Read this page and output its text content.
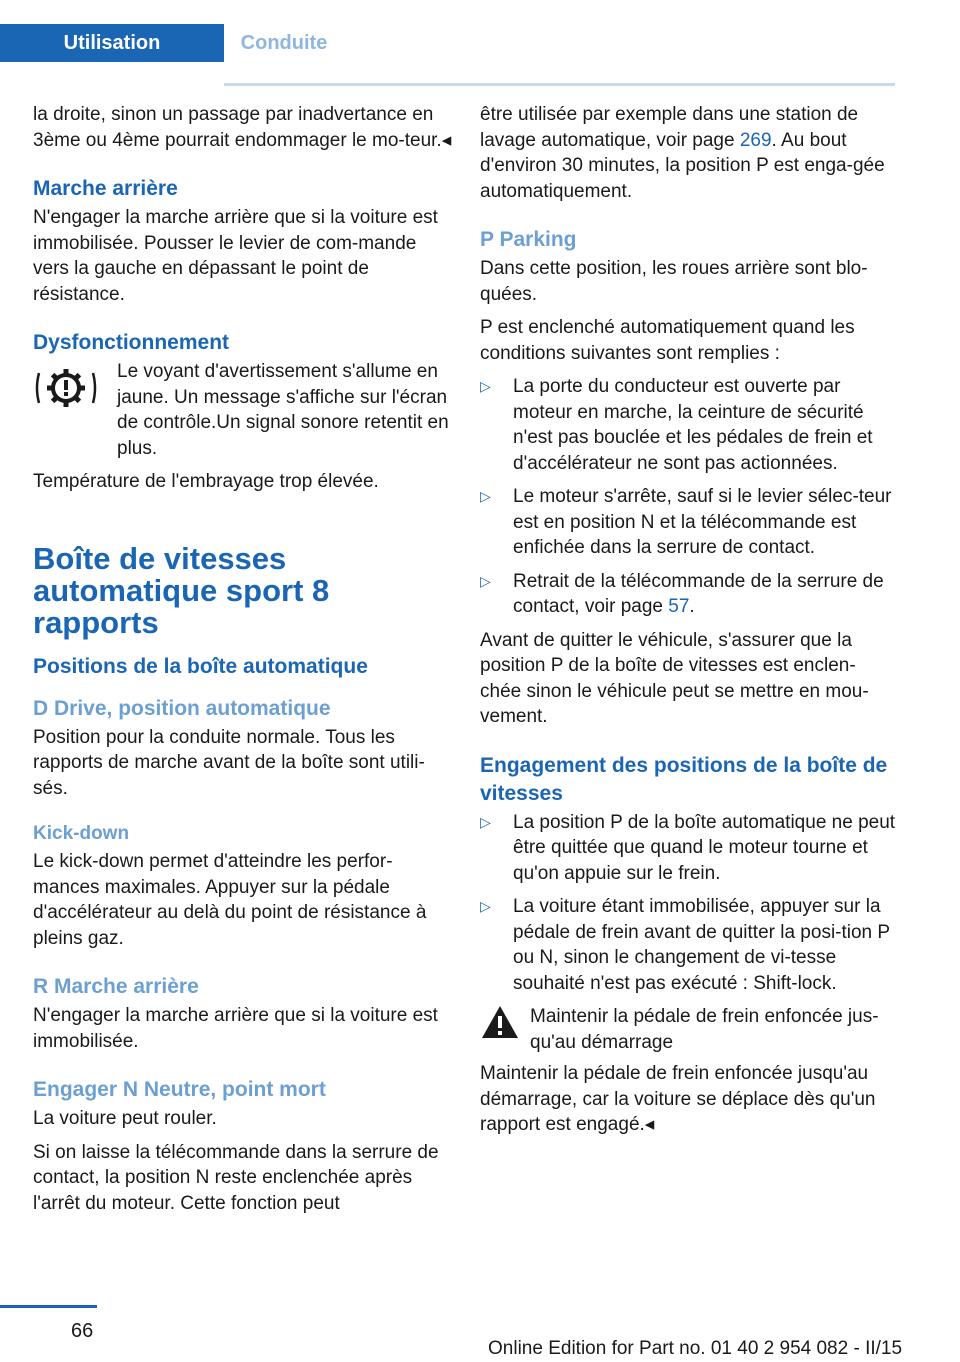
Utilisation	Conduite

la droite, sinon un passage par inadvertance en 3ème ou 4ème pourrait endommager le mo‐teur.◂

Marche arrière

N'engager la marche arrière que si la voiture est immobilisée. Pousser le levier de com‐mande vers la gauche en dépassant le point de résistance.

Dysfonctionnement
Le voyant d'avertissement s'allume en jaune. Un message s'affiche sur l'écran de contrôle.Un signal sonore retentit en plus.

Température de l'embrayage trop élevée.

Boîte de vitesses automatique sport 8 rapports
Positions de la boîte automatique
D Drive, position automatique

Position pour la conduite normale. Tous les rapports de marche avant de la boîte sont utili‐sés.

Kick-down

Le kick-down permet d'atteindre les perfor‐mances maximales. Appuyer sur la pédale d'accélérateur au delà du point de résistance à pleins gaz.

R Marche arrière

N'engager la marche arrière que si la voiture est immobilisée.

Engager N Neutre, point mort

La voiture peut rouler.

Si on laisse la télécommande dans la serrure de contact, la position N reste enclenchée après l'arrêt du moteur. Cette fonction peut

être utilisée par exemple dans une station de lavage automatique, voir page 269. Au bout d'environ 30 minutes, la position P est enga‐gée automatiquement.

P Parking

Dans cette position, les roues arrière sont blo‐quées.

P est enclenché automatiquement quand les conditions suivantes sont remplies :

▷ La porte du conducteur est ouverte par moteur en marche, la ceinture de sécurité n'est pas bouclée et les pédales de frein et d'accélérateur ne sont pas actionnées.
▷ Le moteur s'arrête, sauf si le levier sélec‐teur est en position N et la télécommande est enfichée dans la serrure de contact.
▷ Retrait de la télécommande de la serrure de contact, voir page 57.

Avant de quitter le véhicule, s'assurer que la position P de la boîte de vitesses est enclen‐chée sinon le véhicule peut se mettre en mou‐vement.

Engagement des positions de la boîte de vitesses
▷ La position P de la boîte automatique ne peut être quittée que quand le moteur tourne et qu'on appuie sur le frein.
▷ La voiture étant immobilisée, appuyer sur la pédale de frein avant de quitter la posi‐tion P ou N, sinon le changement de vi‐tesse souhaité n'est pas exécuté : Shift-lock.
Maintenir la pédale de frein enfoncée jus‐qu'au démarrage

Maintenir la pédale de frein enfoncée jusqu'au démarrage, car la voiture se déplace dès qu'un rapport est engagé.◂

66
Online Edition for Part no. 01 40 2 954 082 - II/15
